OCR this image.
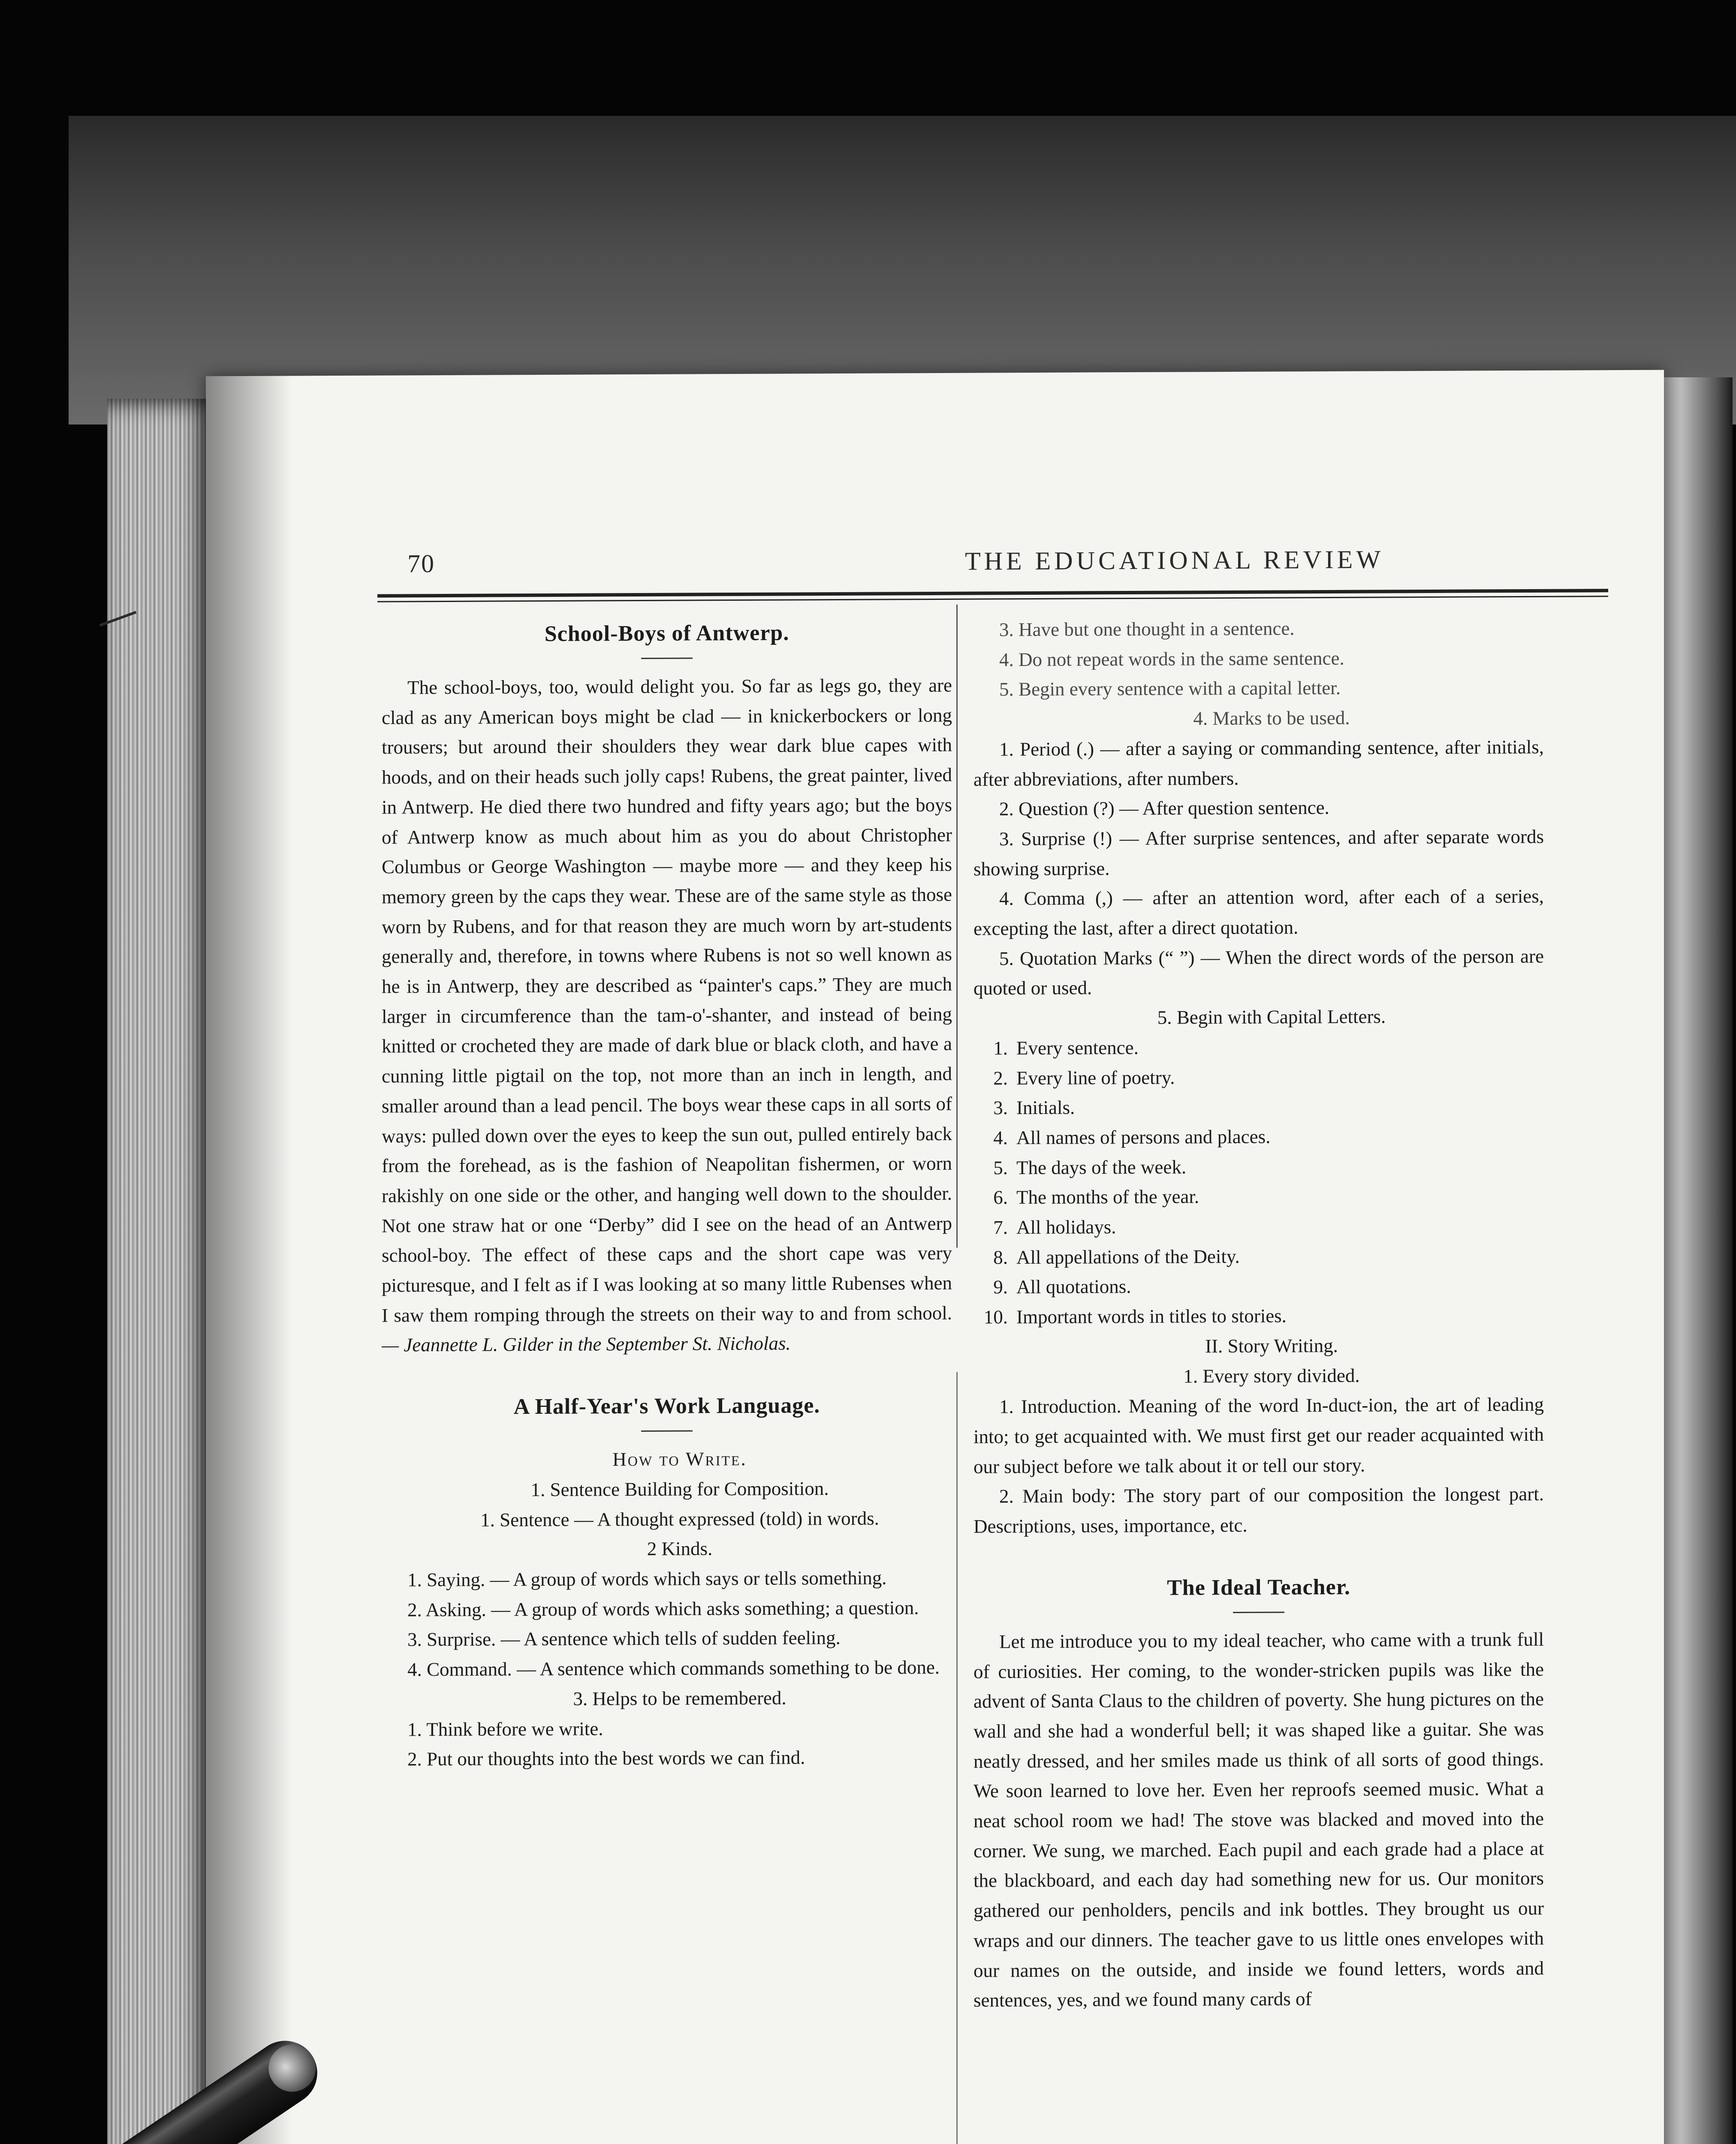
70	THE EDUCATIONAL REVIEW
School-Boys of Antwerp.

The school-boys, too, would delight you. So far as legs go, they are clad as any American boys might be clad — in knickerbockers or long trousers; but around their shoulders they wear dark blue capes with hoods, and on their heads such jolly caps! Rubens, the great painter, lived in Antwerp. He died there two hundred and fifty years ago; but the boys of Antwerp know as much about him as you do about Christopher Columbus or George Washington — maybe more — and they keep his memory green by the caps they wear. These are of the same style as those worn by Rubens, and for that reason they are much worn by art-students generally and, therefore, in towns where Rubens is not so well known as he is in Antwerp, they are described as “painter's caps.” They are much larger in circumference than the tam-o'-shanter, and instead of being knitted or crocheted they are made of dark blue or black cloth, and have a cunning little pigtail on the top, not more than an inch in length, and smaller around than a lead pencil. The boys wear these caps in all sorts of ways: pulled down over the eyes to keep the sun out, pulled entirely back from the forehead, as is the fashion of Neapolitan fishermen, or worn rakishly on one side or the other, and hanging well down to the shoulder. Not one straw hat or one “Derby” did I see on the head of an Antwerp school-boy. The effect of these caps and the short cape was very picturesque, and I felt as if I was looking at so many little Rubenses when I saw them romping through the streets on their way to and from school. — Jeannette L. Gilder in the September St. Nicholas.

A Half-Year's Work Language.

How to Write.

1. Sentence Building for Composition.

1. Sentence — A thought expressed (told) in words.

2 Kinds.

1. Saying. — A group of words which says or tells something.

2. Asking. — A group of words which asks something; a question.

3. Surprise. — A sentence which tells of sudden feeling.

4. Command. — A sentence which commands something to be done.

3. Helps to be remembered.

1. Think before we write.

2. Put our thoughts into the best words we can find.

3. Have but one thought in a sentence.

4. Do not repeat words in the same sentence.

5. Begin every sentence with a capital letter.

4. Marks to be used.

1. Period (.) — after a saying or commanding sentence, after initials, after abbreviations, after numbers.

2. Question (?) — After question sentence.

3. Surprise (!) — After surprise sentences, and after separate words showing surprise.

4. Comma (,) — after an attention word, after each of a series, excepting the last, after a direct quotation.

5. Quotation Marks (“ ”) — When the direct words of the person are quoted or used.

5. Begin with Capital Letters.

1. Every sentence.
2. Every line of poetry.
3. Initials.
4. All names of persons and places.
5. The days of the week.
6. The months of the year.
7. All holidays.
8. All appellations of the Deity.
9. All quotations.
10. Important words in titles to stories.

II. Story Writing.

1. Every story divided.

1. Introduction. Meaning of the word In-duct-ion, the art of leading into; to get acquainted with. We must first get our reader acquainted with our subject before we talk about it or tell our story.

2. Main body: The story part of our composition the longest part. Descriptions, uses, importance, etc.

The Ideal Teacher.

Let me introduce you to my ideal teacher, who came with a trunk full of curiosities. Her coming, to the wonder-stricken pupils was like the advent of Santa Claus to the children of poverty. She hung pictures on the wall and she had a wonderful bell; it was shaped like a guitar. She was neatly dressed, and her smiles made us think of all sorts of good things. We soon learned to love her. Even her reproofs seemed music. What a neat school room we had! The stove was blacked and moved into the corner. We sung, we marched. Each pupil and each grade had a place at the blackboard, and each day had something new for us. Our monitors gathered our penholders, pencils and ink bottles. They brought us our wraps and our dinners. The teacher gave to us little ones envelopes with our names on the outside, and inside we found letters, words and sentences, yes, and we found many cards of
